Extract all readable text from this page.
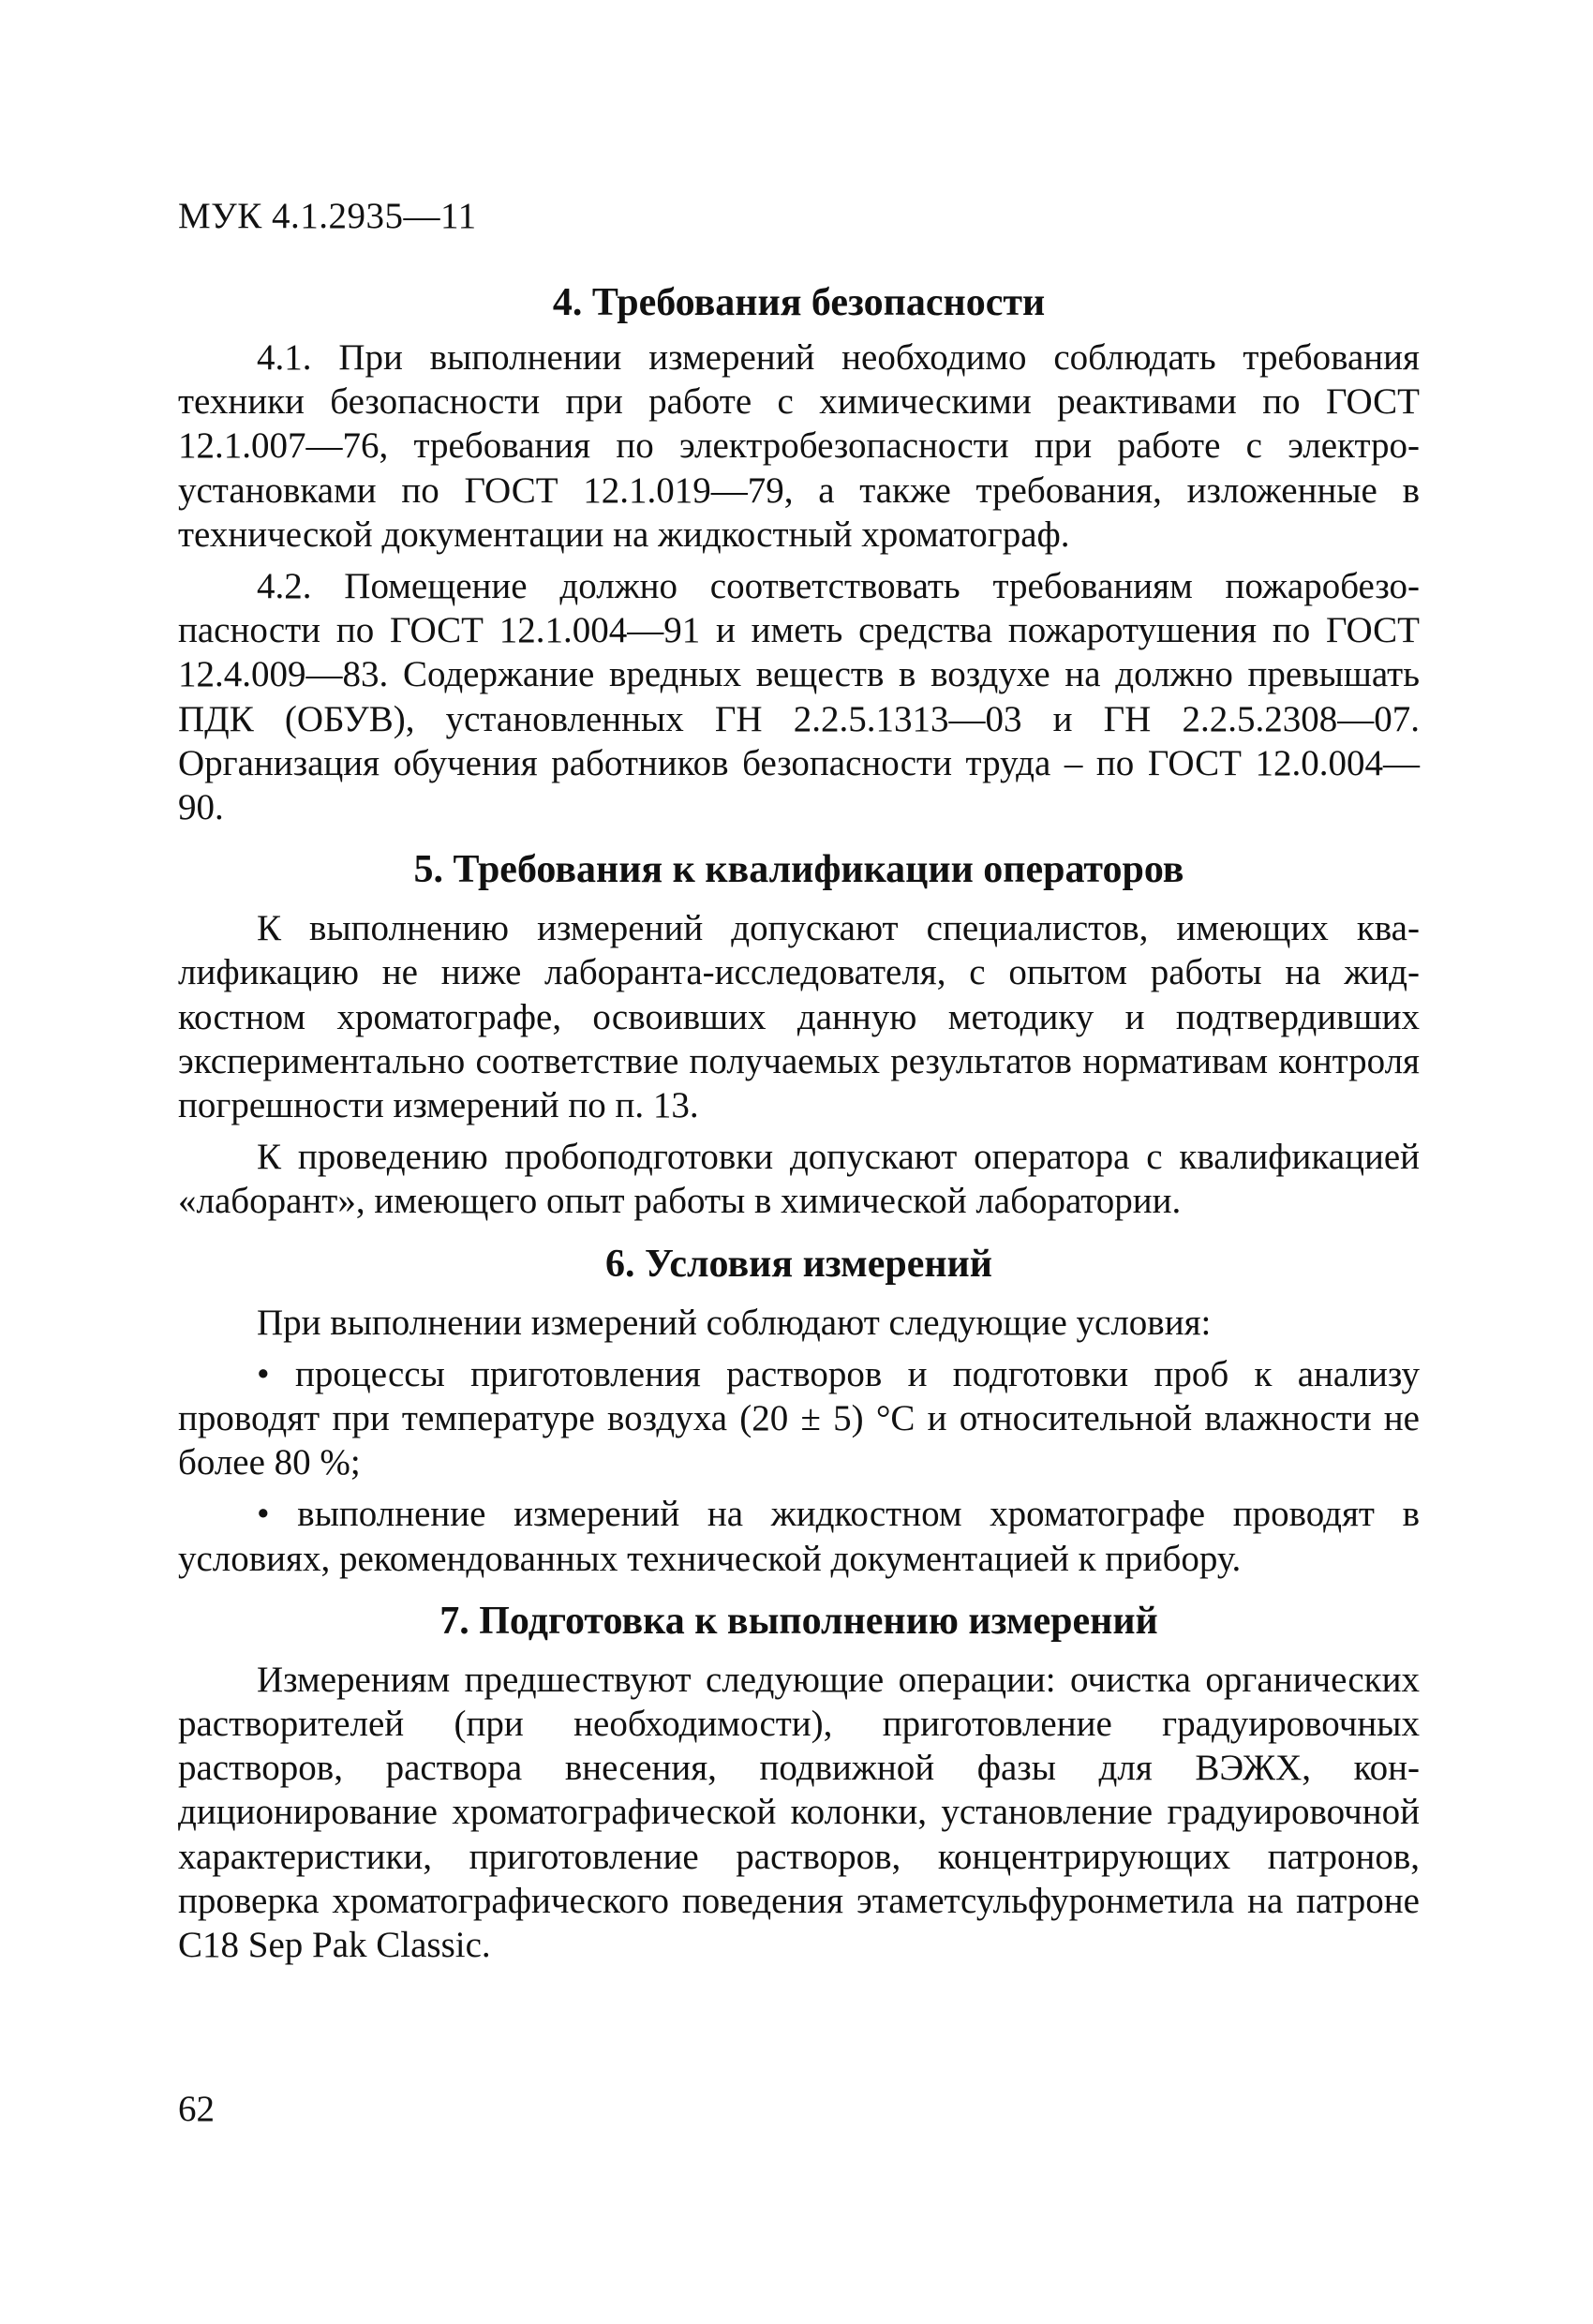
МУК 4.1.2935—11
4. Требования безопасности

4.1. При выполнении измерений необходимо соблюдать требования техники безопасности при работе с химическими реактивами по ГОСТ 12.1.007—76, требования по электробезопасности при работе с электроустановками по ГОСТ 12.1.019—79, а также требования, изложенные в технической документации на жидкостный хроматограф.

4.2. Помещение должно соответствовать требованиям пожаробезопасности по ГОСТ 12.1.004—91 и иметь средства пожаротушения по ГОСТ 12.4.009—83. Содержание вредных веществ в воздухе на должно превышать ПДК (ОБУВ), установленных ГН 2.2.5.1313—03 и ГН 2.2.5.2308—07. Организация обучения работников безопасности труда – по ГОСТ 12.0.004—90.

5. Требования к квалификации операторов

К выполнению измерений допускают специалистов, имеющих квалификацию не ниже лаборанта-исследователя, с опытом работы на жидкостном хроматографе, освоивших данную методику и подтвердивших экспериментально соответствие получаемых результатов нормативам контроля погрешности измерений по п. 13.

К проведению пробоподготовки допускают оператора с квалификацией «лаборант», имеющего опыт работы в химической лаборатории.

6. Условия измерений

При выполнении измерений соблюдают следующие условия:

• процессы приготовления растворов и подготовки проб к анализу проводят при температуре воздуха (20 ± 5) °С и относительной влажности не более 80 %;

• выполнение измерений на жидкостном хроматографе проводят в условиях, рекомендованных технической документацией к прибору.

7. Подготовка к выполнению измерений

Измерениям предшествуют следующие операции: очистка органических растворителей (при необходимости), приготовление градуировочных растворов, раствора внесения, подвижной фазы для ВЭЖХ, кондиционирование хроматографической колонки, установление градуировочной характеристики, приготовление растворов, концентрирующих патронов, проверка хроматографического поведения этаметсульфуронметила на патроне С18 Sep Pak Classic.

62
